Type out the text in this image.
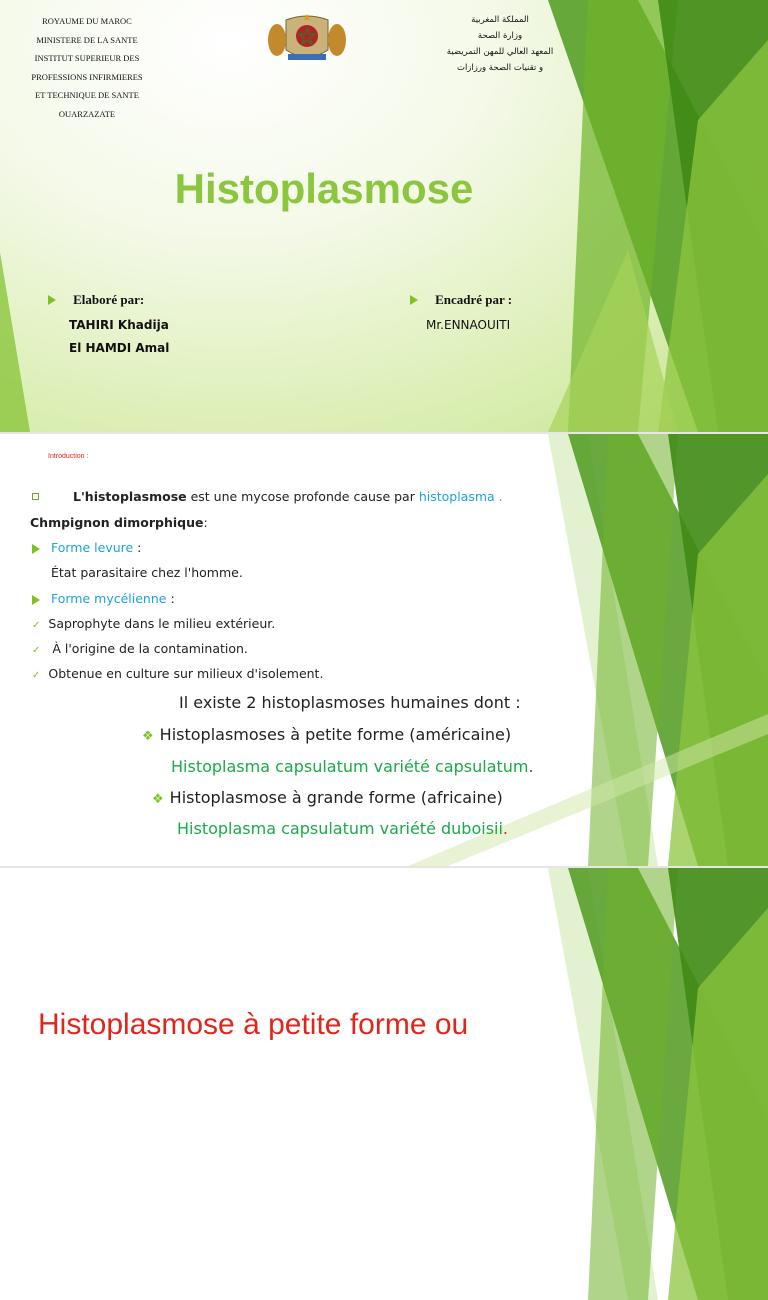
ROYAUME DU MAROC
MINISTERE DE LA SANTE
INSTITUT SUPERIEUR DES
PROFESSIONS INFIRMIERES
ET TECHNIQUE DE SANTE
OUARZAZATE
المملكة المغربية
وزارة الصحة
المعهد العالي للمهن التمريضية
و تقنيات الصحة ورزازات
Histoplasmose
Elaboré par:
TAHIRI Khadija
El HAMDI Amal
Encadré par :
Mr.ENNAOUITI
Introduction :
L'histoplasmose est une mycose profonde cause par histoplasma .
Chmpignon dimorphique:
Forme levure :
État parasitaire chez l'homme.
Forme mycélienne :
✓ Saprophyte dans le milieu extérieur.
✓ À l'origine de la contamination.
✓ Obtenue en culture sur milieux d'isolement.
Il existe 2 histoplasmoses humaines dont :
❖ Histoplasmoses à petite forme (américaine)
Histoplasma capsulatum variété capsulatum.
❖ Histoplasmose à grande forme (africaine)
Histoplasma capsulatum variété duboisii.
Histoplasmose à petite forme ou
